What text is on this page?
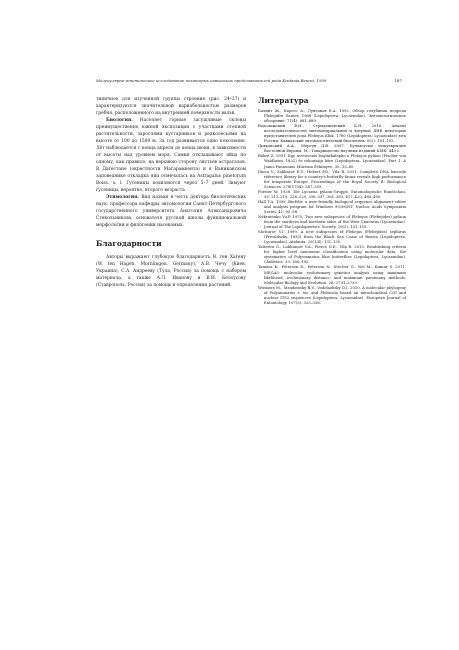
Молекулярно-генетическое исследование некоторых кавказских представителей рода Kretania Beuret, 1959	187

типичное для изученной группы строение (рис. 24–27) и характеризуются значительной вариабельностью размеров гребня, расположенного на внутренней поверхности вальв.

Биология. Населяет горные засушливые склоны преимущественно южной экспозиции с участками степной растительности, зарослями кустарников и редколесьями на высоте от 100 до 1500 м. За год развивается одно поколение. Лёт наблюдается с конца апреля до конца июня, в зависимости от высоты над уровнем моря. Самки откладывают яйца по одному, как правило, на верхнюю сторону листьев астрагалов. В Дагестане (окрестности Магарамкента) и в Ваниканском заповеднике откладка яиц отмечалась на Astragalus pinetorum Boiss. s. l. Гусеницы появляются через 5–7 дней. Зимуют гусеницы, вероятно, второго возраста.

Этимология. Вид назван в честь доктора биологических наук, профессора кафедры энтомологии Санкт-Петербургского государственного университета Анатолия Александровича Стекольникова, основателя русской школы функциональной морфологии и филогении насекомых.

Благодарности

Авторы выражают глубокую благодарность В. тен Хагену (W. ten Hagen, Mornlingen, Germany), А.В. Чечу (Киев, Украина), С.А. Андрееву (Тула, Россия) за помощь с набором материала, а также А.Л. Иванову и В.И. Белоусову (Ставрополь, Россия) за помощь в определении растений.

Литература

Балинт Ж., Каргес А., Лунгаков Е.А. 1992. Обзор голубянок подрода Plebejides Sauter, 1968 (Lepidoptera: Lycaenidae). Энтомологическое обозрение. 71(4): 881–889.

Водолажский В.Н., Стрыдашевский Б.Н. 2010. Анализ последовательностей митохондриальной и ядерной ДНК некоторых представителей рода Plebejus Kluk, 1780 (Lepidoptera: Lycaenidae) юга России. Кавказский энтомологический бюллетень. 6(2): 191–192.

Дьяконский А.А., Моргун Д.В. 2007. Булавоусые чешуекрылые Восточной Европы. М.: Товарищество научных изданий КМК. 443 с.

Bálint Z. 1991. Egy nevtovenis boglárkalepke a Plebejus pylaon (Fischer von Waldheim, 1832) és rokonsági köre (Lepidoptera, Lycaenidae). Part 1. A Janus Pannonius Múzeum Évkönyve. 35: 35–60.

Dinca V., Zakharov E.V., Hebert P.D., Vila R. 2011. Complete DNA barcode reference library for a country's butterfly fauna reveals high performance for temperate Europe. Proceedings of the Royal Society B: Biological Sciences. 278(1704): 347–355.

Forster W. 1938. Die Lycaena pylaon-Gruppe. Entomologische Rundschau. 55: 213–219, 226–229, 336–337, 361–363, 417–420, 485–490.

Hall T.A. 1999. BioEdit: a user-friendly biological sequence alignment editor and analysis program for Windows 95/98/NT. Nucleic Acids Symposium Series. 41: 95–98.

Nekrutenko Yu.P. 1975. Two new subspecies of Plebejus (Plebejides) pylaon from the southern and northern sides of the West Caucasus (Lycaenidae). Journal of The Lepidopterists' Society. 29(3): 151–155.

Shchurov V.I. 1999. A new subspecies of Plebejus (Plebejides) sephirus (Frivaldszky, 1835) from the Black Sea Coast of Russia (Lepidoptera, Lycaenidae). Atalanta. 29(1/4): 131–135.

Talavera G., Lukhtanov V.A., Pierce N.E., Vila R. 2013. Establishing criteria for higher level taxonomic classification using molecular data: the systematics of Polyommatus blue butterflies (Lepidoptera, Lycaenidae). Cladistics. 29: 166–192.

Tamura K., Peterson D., Peterson N., Stecher G., Nei M., Kumar S. 2011. MEGA5: molecular evolutionary genetics analysis using maximum likelihood, evolutionary distance, and maximum parsimony methods. Molecular Biology and Evolution. 28: 2731–2739.

Wiemers M., Stradomsky B.V., Vodolazhsky D.I. 2010. A molecular phylogeny of Polyommatus s. str. and Plebicula based on mitochondrial COI and nuclear ITS2 sequences (Lepidoptera: Lycaenidae). European Journal of Entomology. 107(3): 325–336.
